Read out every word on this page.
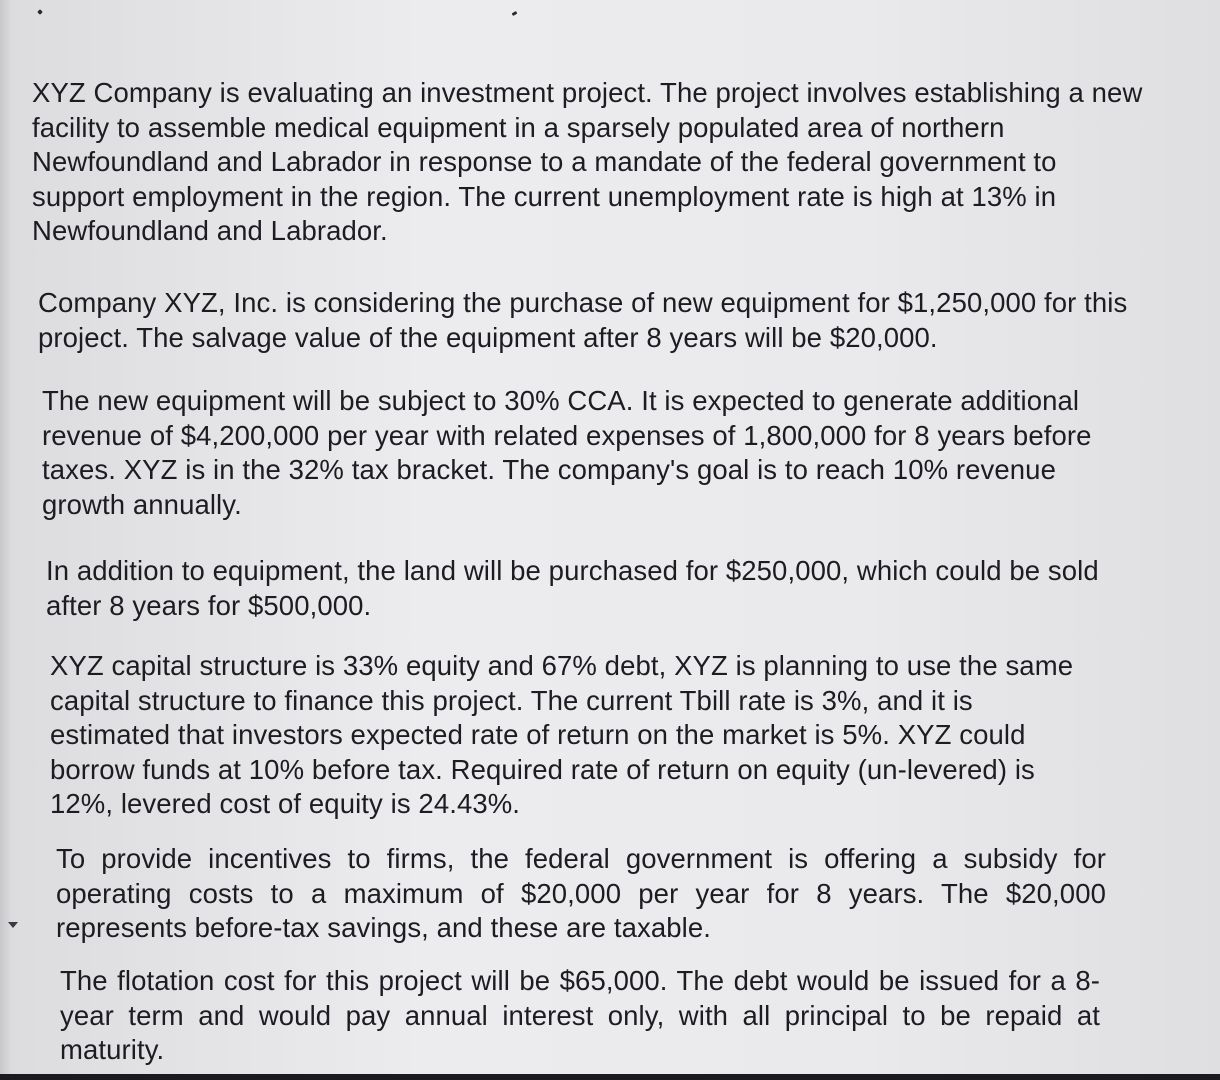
XYZ Company is evaluating an investment project. The project involves establishing a new facility to assemble medical equipment in a sparsely populated area of northern Newfoundland and Labrador in response to a mandate of the federal government to support employment in the region. The current unemployment rate is high at 13% in Newfoundland and Labrador.

Company XYZ, Inc. is considering the purchase of new equipment for $1,250,000 for this project. The salvage value of the equipment after 8 years will be $20,000.

The new equipment will be subject to 30% CCA. It is expected to generate additional revenue of $4,200,000 per year with related expenses of 1,800,000 for 8 years before taxes. XYZ is in the 32% tax bracket. The company's goal is to reach 10% revenue growth annually.

In addition to equipment, the land will be purchased for $250,000, which could be sold after 8 years for $500,000.

XYZ capital structure is 33% equity and 67% debt, XYZ is planning to use the same capital structure to finance this project. The current Tbill rate is 3%, and it is estimated that investors expected rate of return on the market is 5%. XYZ could borrow funds at 10% before tax. Required rate of return on equity (un-levered) is 12%, levered cost of equity is 24.43%.

To provide incentives to firms, the federal government is offering a subsidy for operating costs to a maximum of $20,000 per year for 8 years. The $20,000 represents before-tax savings, and these are taxable.

The flotation cost for this project will be $65,000. The debt would be issued for a 8-year term and would pay annual interest only, with all principal to be repaid at maturity.
